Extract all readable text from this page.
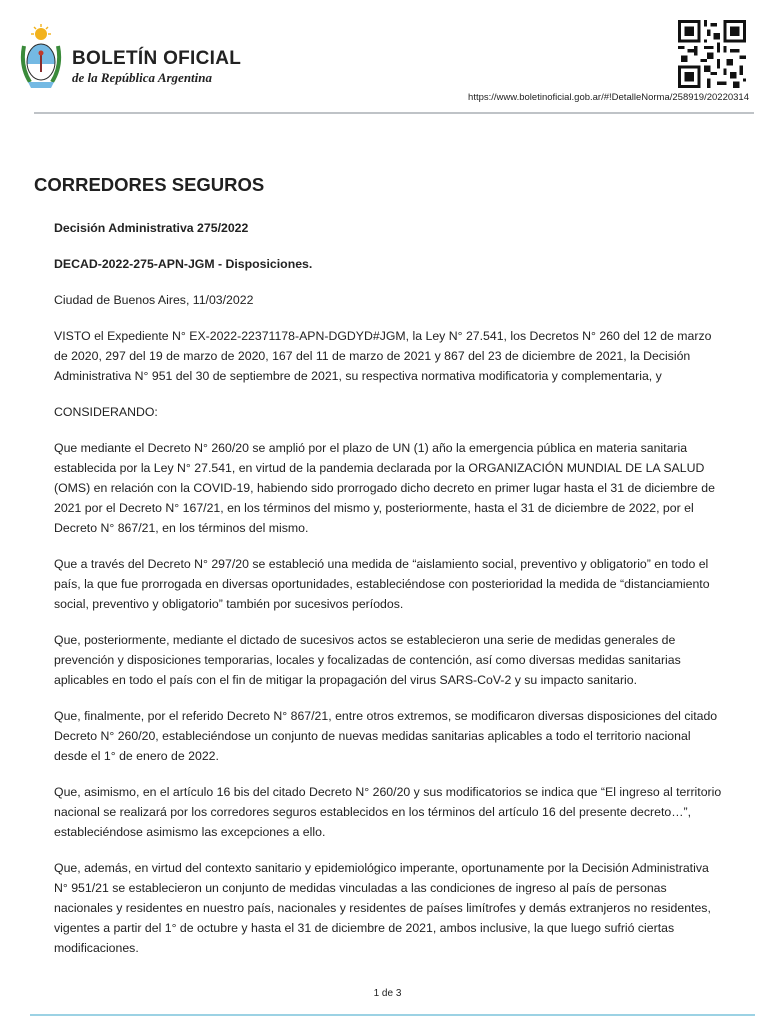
BOLETÍN OFICIAL
de la República Argentina
https://www.boletinoficial.gob.ar/#!DetalleNorma/258919/20220314
CORREDORES SEGUROS

Decisión Administrativa 275/2022

DECAD-2022-275-APN-JGM - Disposiciones.

Ciudad de Buenos Aires, 11/03/2022

VISTO el Expediente N° EX-2022-22371178-APN-DGDYD#JGM, la Ley N° 27.541, los Decretos N° 260 del 12 de marzo de 2020, 297 del 19 de marzo de 2020, 167 del 11 de marzo de 2021 y 867 del 23 de diciembre de 2021, la Decisión Administrativa N° 951 del 30 de septiembre de 2021, su respectiva normativa modificatoria y complementaria, y

CONSIDERANDO:

Que mediante el Decreto N° 260/20 se amplió por el plazo de UN (1) año la emergencia pública en materia sanitaria establecida por la Ley N° 27.541, en virtud de la pandemia declarada por la ORGANIZACIÓN MUNDIAL DE LA SALUD (OMS) en relación con la COVID-19, habiendo sido prorrogado dicho decreto en primer lugar hasta el 31 de diciembre de 2021 por el Decreto N° 167/21, en los términos del mismo y, posteriormente, hasta el 31 de diciembre de 2022, por el Decreto N° 867/21, en los términos del mismo.

Que a través del Decreto N° 297/20 se estableció una medida de “aislamiento social, preventivo y obligatorio” en todo el país, la que fue prorrogada en diversas oportunidades, estableciéndose con posterioridad la medida de “distanciamiento social, preventivo y obligatorio” también por sucesivos períodos.

Que, posteriormente, mediante el dictado de sucesivos actos se establecieron una serie de medidas generales de prevención y disposiciones temporarias, locales y focalizadas de contención, así como diversas medidas sanitarias aplicables en todo el país con el fin de mitigar la propagación del virus SARS-CoV-2 y su impacto sanitario.

Que, finalmente, por el referido Decreto N° 867/21, entre otros extremos, se modificaron diversas disposiciones del citado Decreto N° 260/20, estableciéndose un conjunto de nuevas medidas sanitarias aplicables a todo el territorio nacional desde el 1° de enero de 2022.

Que, asimismo, en el artículo 16 bis del citado Decreto N° 260/20 y sus modificatorios se indica que “El ingreso al territorio nacional se realizará por los corredores seguros establecidos en los términos del artículo 16 del presente decreto…”, estableciéndose asimismo las excepciones a ello.

Que, además, en virtud del contexto sanitario y epidemiológico imperante, oportunamente por la Decisión Administrativa N° 951/21 se establecieron un conjunto de medidas vinculadas a las condiciones de ingreso al país de personas nacionales y residentes en nuestro país, nacionales y residentes de países limítrofes y demás extranjeros no residentes, vigentes a partir del 1° de octubre y hasta el 31 de diciembre de 2021, ambos inclusive, la que luego sufrió ciertas modificaciones.

1 de 3
